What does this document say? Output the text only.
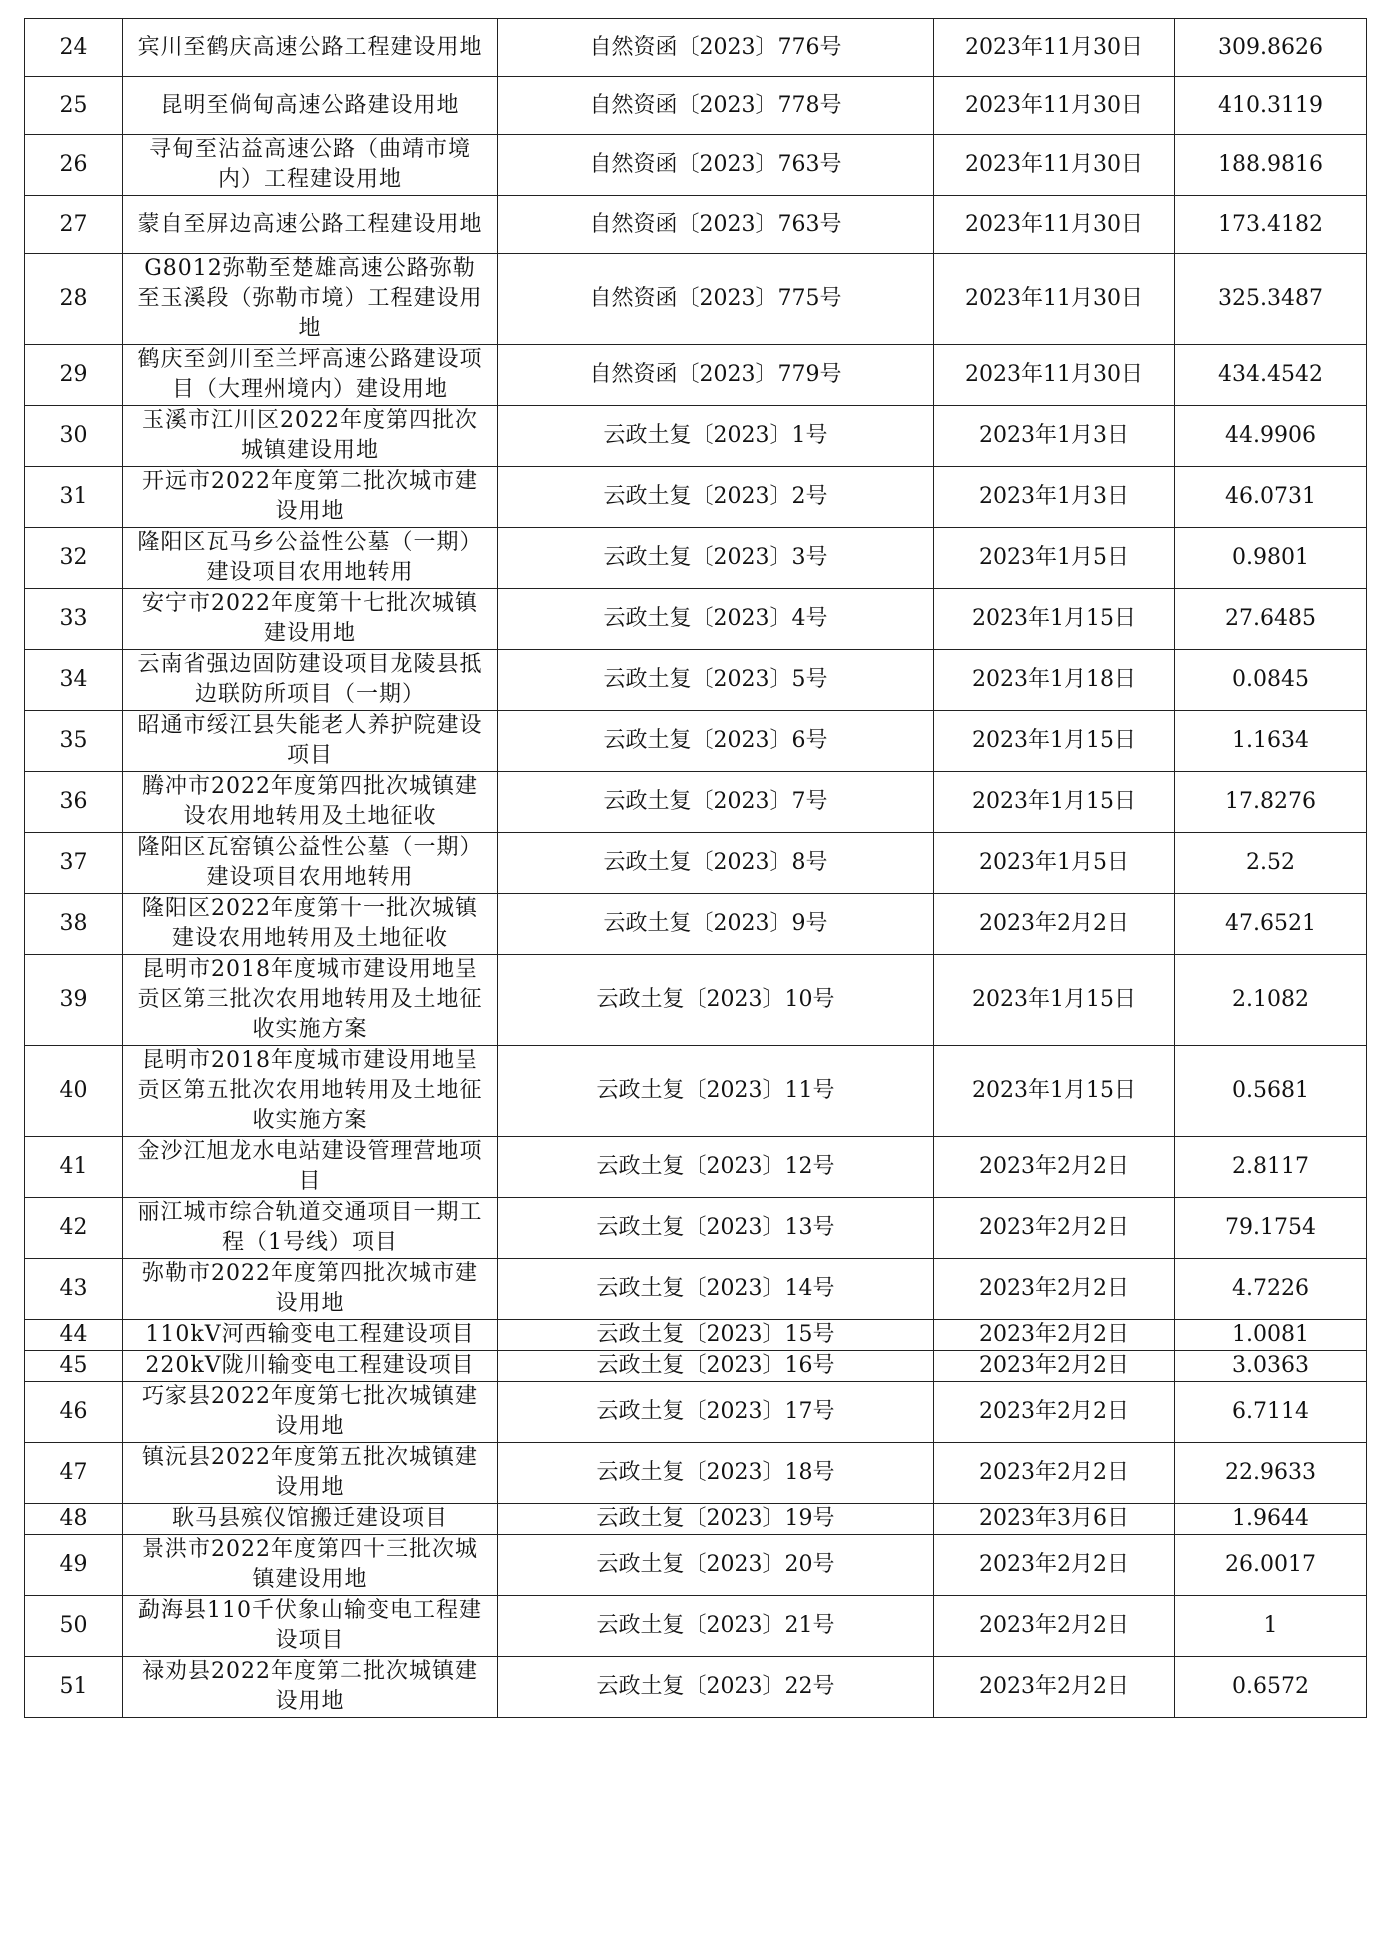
24	宾川至鹤庆高速公路工程建设用地	自然资函〔2023〕776号	2023年11月30日	309.8626
25	昆明至倘甸高速公路建设用地	自然资函〔2023〕778号	2023年11月30日	410.3119
26	寻甸至沾益高速公路（曲靖市境内）工程建设用地	自然资函〔2023〕763号	2023年11月30日	188.9816
27	蒙自至屏边高速公路工程建设用地	自然资函〔2023〕763号	2023年11月30日	173.4182
28	G8012弥勒至楚雄高速公路弥勒至玉溪段（弥勒市境）工程建设用地	自然资函〔2023〕775号	2023年11月30日	325.3487
29	鹤庆至剑川至兰坪高速公路建设项目（大理州境内）建设用地	自然资函〔2023〕779号	2023年11月30日	434.4542
30	玉溪市江川区2022年度第四批次城镇建设用地	云政土复〔2023〕1号	2023年1月3日	44.9906
31	开远市2022年度第二批次城市建设用地	云政土复〔2023〕2号	2023年1月3日	46.0731
32	隆阳区瓦马乡公益性公墓（一期）建设项目农用地转用	云政土复〔2023〕3号	2023年1月5日	0.9801
33	安宁市2022年度第十七批次城镇建设用地	云政土复〔2023〕4号	2023年1月15日	27.6485
34	云南省强边固防建设项目龙陵县抵边联防所项目（一期）	云政土复〔2023〕5号	2023年1月18日	0.0845
35	昭通市绥江县失能老人养护院建设项目	云政土复〔2023〕6号	2023年1月15日	1.1634
36	腾冲市2022年度第四批次城镇建设农用地转用及土地征收	云政土复〔2023〕7号	2023年1月15日	17.8276
37	隆阳区瓦窑镇公益性公墓（一期）建设项目农用地转用	云政土复〔2023〕8号	2023年1月5日	2.52
38	隆阳区2022年度第十一批次城镇建设农用地转用及土地征收	云政土复〔2023〕9号	2023年2月2日	47.6521
39	昆明市2018年度城市建设用地呈贡区第三批次农用地转用及土地征收实施方案	云政土复〔2023〕10号	2023年1月15日	2.1082
40	昆明市2018年度城市建设用地呈贡区第五批次农用地转用及土地征收实施方案	云政土复〔2023〕11号	2023年1月15日	0.5681
41	金沙江旭龙水电站建设管理营地项目	云政土复〔2023〕12号	2023年2月2日	2.8117
42	丽江城市综合轨道交通项目一期工程（1号线）项目	云政土复〔2023〕13号	2023年2月2日	79.1754
43	弥勒市2022年度第四批次城市建设用地	云政土复〔2023〕14号	2023年2月2日	4.7226
44	110kV河西输变电工程建设项目	云政土复〔2023〕15号	2023年2月2日	1.0081
45	220kV陇川输变电工程建设项目	云政土复〔2023〕16号	2023年2月2日	3.0363
46	巧家县2022年度第七批次城镇建设用地	云政土复〔2023〕17号	2023年2月2日	6.7114
47	镇沅县2022年度第五批次城镇建设用地	云政土复〔2023〕18号	2023年2月2日	22.9633
48	耿马县殡仪馆搬迁建设项目	云政土复〔2023〕19号	2023年3月6日	1.9644
49	景洪市2022年度第四十三批次城镇建设用地	云政土复〔2023〕20号	2023年2月2日	26.0017
50	勐海县110千伏象山输变电工程建设项目	云政土复〔2023〕21号	2023年2月2日	1
51	禄劝县2022年度第二批次城镇建设用地	云政土复〔2023〕22号	2023年2月2日	0.6572
